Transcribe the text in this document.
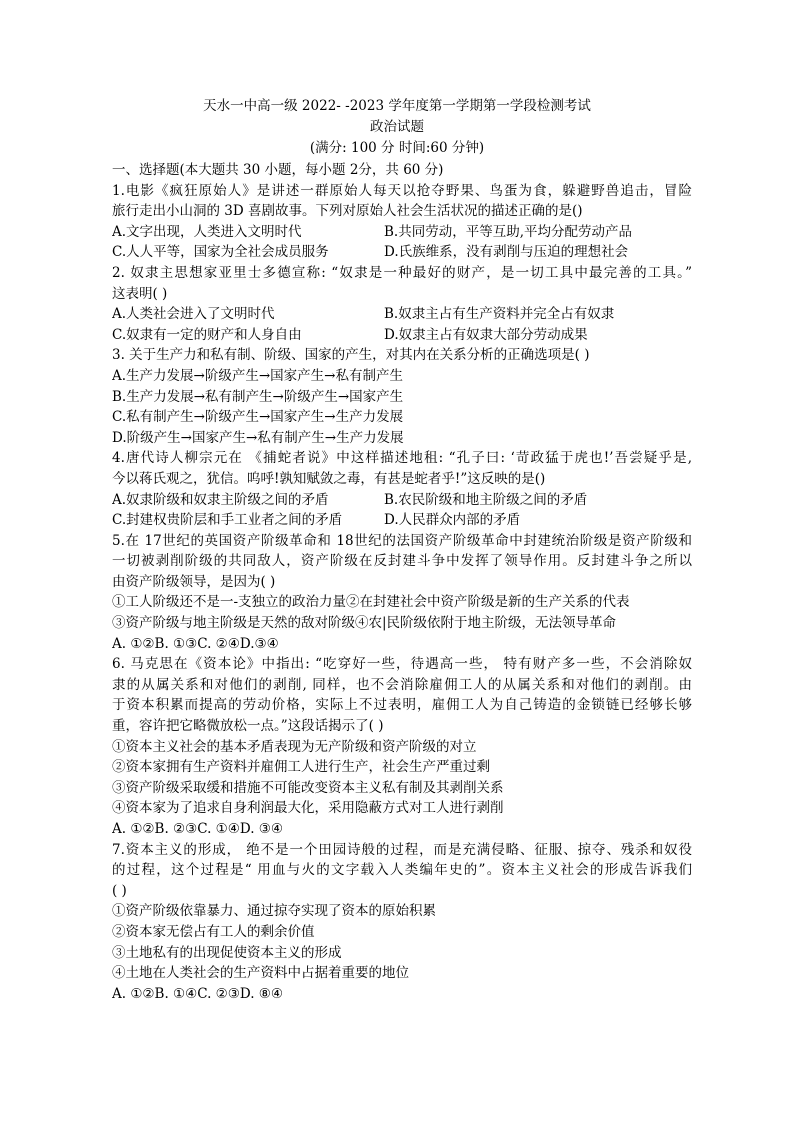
天水一中高一级 2022- -2023 学年度第一学期第一学段检测考试
政治试题
(满分: 100 分 时间:60 分钟)
一、选择题(本大题共 30 小题，每小题 2分，共 60 分)
1.电影《疯狂原始人》是讲述一群原始人每天以抢夺野果、鸟蛋为食，躲避野兽追击，冒险
旅行走出小山洞的 3D 喜剧故事。下列对原始人社会生活状况的描述正确的是()
A.文字出现，人类进入文明时代	B.共同劳动，平等互助,平均分配劳动产品
C.人人平等，国家为全社会成员服务	D.氏族维系，没有剥削与压迫的理想社会
2. 奴隶主思想家亚里士多德宣称: “奴隶是一种最好的财产，是一切工具中最完善的工具。”
这表明( )
A.人类社会进入了文明时代	B.奴隶主占有生产资料并完全占有奴隶
C.奴隶有一定的财产和人身自由	D.奴隶主占有奴隶大部分劳动成果
3. 关于生产力和私有制、阶级、国家的产生，对其内在关系分析的正确选项是( )
A.生产力发展→阶级产生→国家产生→私有制产生
B.生产力发展→私有制产生→阶级产生→国家产生
C.私有制产生→阶级产生→国家产生→生产力发展
D.阶级产生→国家产生→私有制产生→生产力发展
4.唐代诗人柳宗元在 《捕蛇者说》中这样描述地租: “孔子曰: ‘苛政猛于虎也!’吾尝疑乎是,
今以蒋氏观之，犹信。呜呼!孰知赋敛之毒，有甚是蛇者乎!”这反映的是()
A.奴隶阶级和奴隶主阶级之间的矛盾	B.农民阶级和地主阶级之间的矛盾
C.封建权贵阶层和手工业者之间的矛盾	D.人民群众内部的矛盾
5.在 17世纪的英国资产阶级革命和 18世纪的法国资产阶级革命中封建统治阶级是资产阶级和
一切被剥削阶级的共同敌人，资产阶级在反封建斗争中发挥了领导作用。反封建斗争之所以
由资产阶级领导，是因为( )
①工人阶级还不是一-支独立的政治力量②在封建社会中资产阶级是新的生产关系的代表
③资产阶级与地主阶级是天然的敌对阶级④农|民阶级依附于地主阶级，无法领导革命
A. ①②B. ①③C. ②④D.③④
6. 马克思在《资本论》中指出: “吃穿好一些，待遇高一些， 特有财产多一些，不会消除奴
隶的从属关系和对他们的剥削, 同样，也不会消除雇佣工人的从属关系和对他们的剥削。由
于资本积累而提高的劳动价格，实际上不过表明，雇佣工人为自己铸造的金锁链已经够长够
重，容许把它略微放松一点。”这段话揭示了( )
①资本主义社会的基本矛盾表现为无产阶级和资产阶级的对立
②资本家拥有生产资料并雇佣工人进行生产，社会生产严重过剩
③资产阶级采取缓和措施不可能改变资本主义私有制及其剥削关系
④资本家为了追求自身利润最大化，采用隐蔽方式对工人进行剥削
A. ①②B. ②③C. ①④D. ③④
7.资本主义的形成， 绝不是一个田园诗般的过程，而是充满侵略、征服、掠夺、残杀和奴役
的过程，这个过程是“ 用血与火的文字载入人类编年史的”。资本主义社会的形成告诉我们
( )
①资产阶级依靠暴力、通过掠夺实现了资本的原始积累
②资本家无偿占有工人的剩余价值
③土地私有的出现促使资本主义的形成
④土地在人类社会的生产资料中占据着重要的地位
A. ①②B. ①④C. ②③D. ⑧④
